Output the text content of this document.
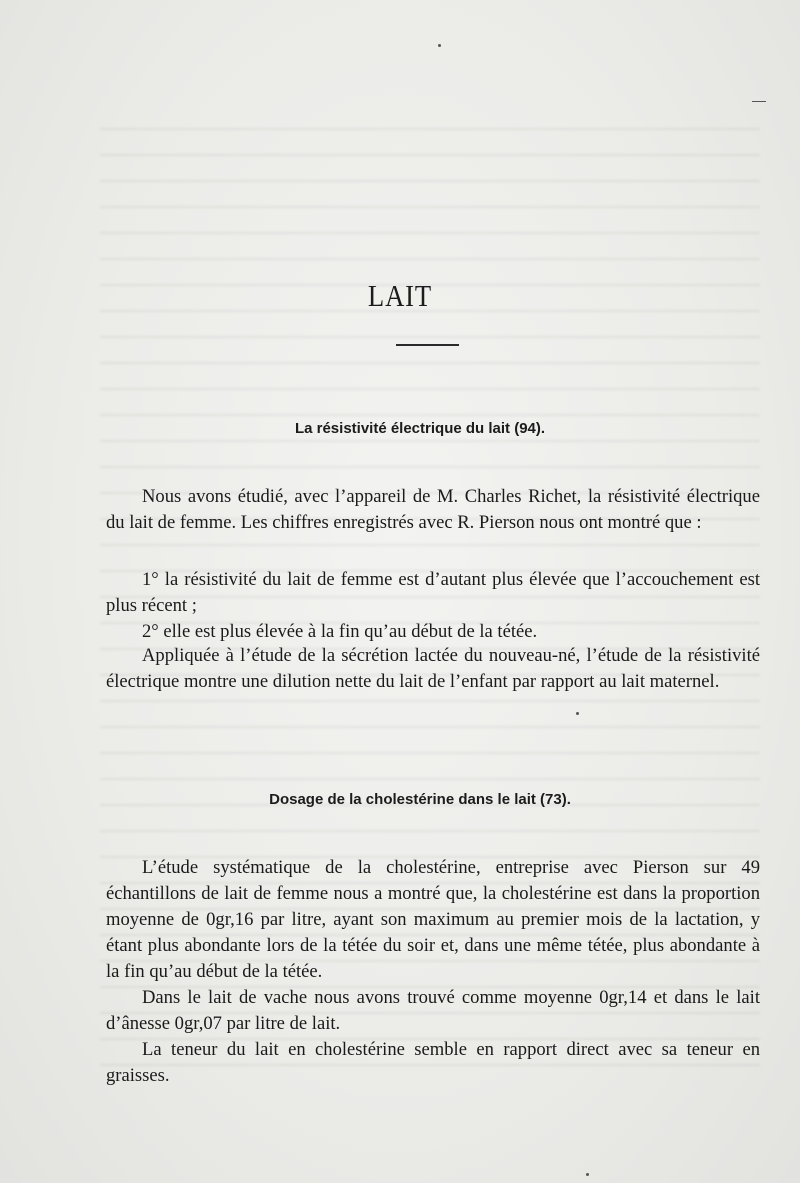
LAIT
La résistivité électrique du lait (94).

Nous avons étudié, avec l’appareil de M. Charles Richet, la résistivité électrique du lait de femme. Les chiffres enregistrés avec R. Pierson nous ont montré que :

1° la résistivité du lait de femme est d’autant plus élevée que l’accouchement est plus récent ;

2° elle est plus élevée à la fin qu’au début de la tétée.

Appliquée à l’étude de la sécrétion lactée du nouveau-né, l’étude de la résistivité électrique montre une dilution nette du lait de l’enfant par rapport au lait maternel.

Dosage de la cholestérine dans le lait (73).

L’étude systématique de la cholestérine, entreprise avec Pierson sur 49 échantillons de lait de femme nous a montré que, la cholestérine est dans la proportion moyenne de 0gr,16 par litre, ayant son maximum au premier mois de la lactation, y étant plus abondante lors de la tétée du soir et, dans une même tétée, plus abondante à la fin qu’au début de la tétée.

Dans le lait de vache nous avons trouvé comme moyenne 0gr,14 et dans le lait d’ânesse 0gr,07 par litre de lait.

La teneur du lait en cholestérine semble en rapport direct avec sa teneur en graisses.
